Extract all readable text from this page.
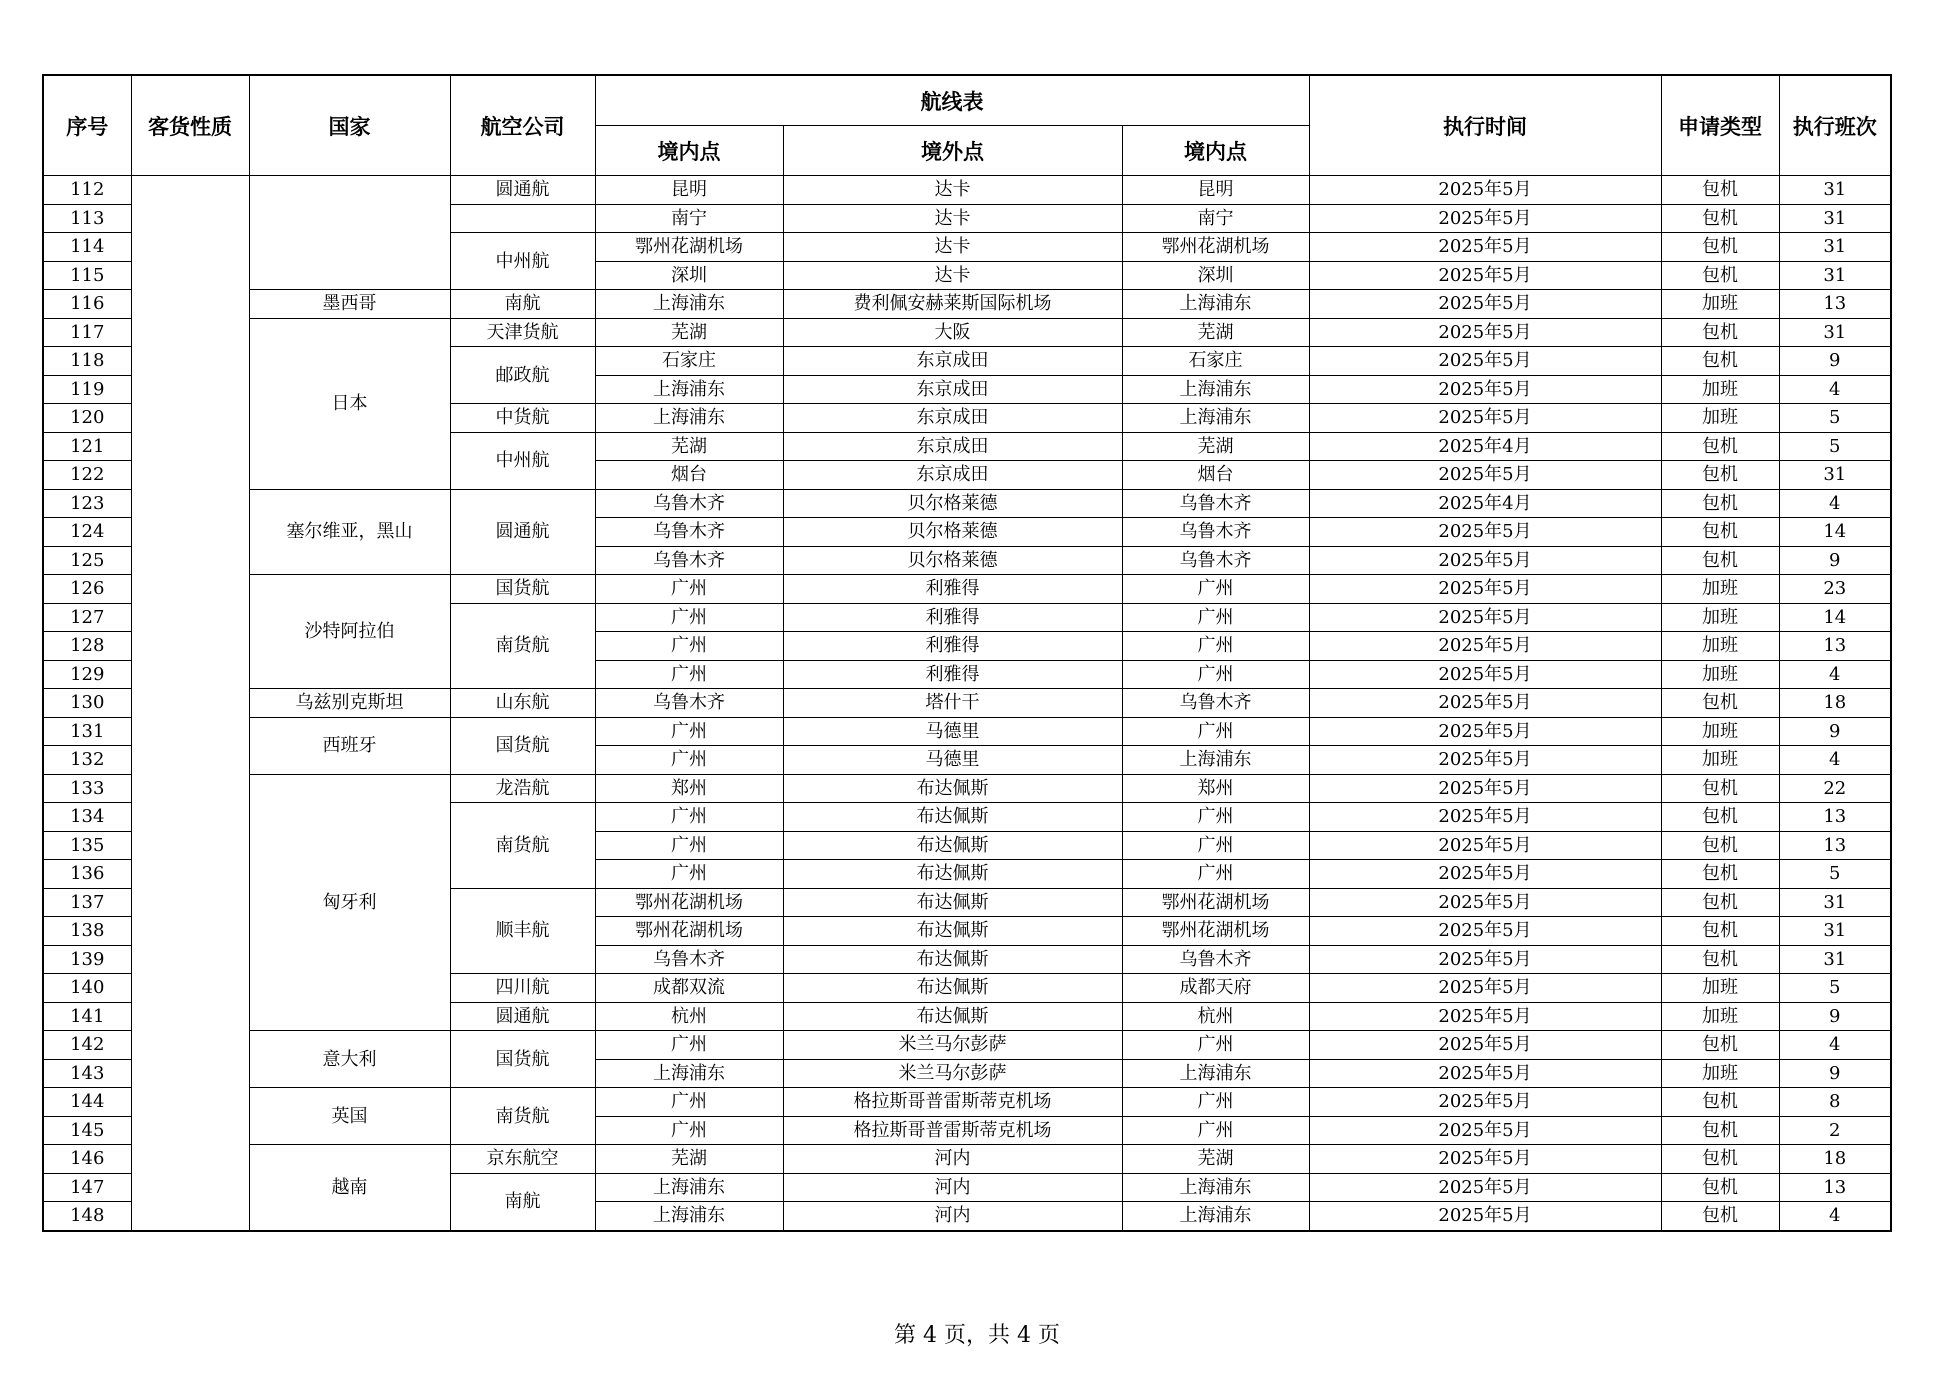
序号	客货性质	国家	航空公司	航线表			执行时间	申请类型	执行班次
				境内点	境外点	境内点			
112			圆通航	昆明	达卡	昆明	2025年5月	包机	31
113				南宁	达卡	南宁	2025年5月	包机	31
114			中州航	鄂州花湖机场	达卡	鄂州花湖机场	2025年5月	包机	31
115				深圳	达卡	深圳	2025年5月	包机	31
116		墨西哥	南航	上海浦东	费利佩安赫莱斯国际机场	上海浦东	2025年5月	加班	13
117		日本	天津货航	芜湖	大阪	芜湖	2025年5月	包机	31
118			邮政航	石家庄	东京成田	石家庄	2025年5月	包机	9
119				上海浦东	东京成田	上海浦东	2025年5月	加班	4
120			中货航	上海浦东	东京成田	上海浦东	2025年5月	加班	5
121			中州航	芜湖	东京成田	芜湖	2025年4月	包机	5
122				烟台	东京成田	烟台	2025年5月	包机	31
123		塞尔维亚，黑山	圆通航	乌鲁木齐	贝尔格莱德	乌鲁木齐	2025年4月	包机	4
124				乌鲁木齐	贝尔格莱德	乌鲁木齐	2025年5月	包机	14
125				乌鲁木齐	贝尔格莱德	乌鲁木齐	2025年5月	包机	9
126		沙特阿拉伯	国货航	广州	利雅得	广州	2025年5月	加班	23
127			南货航	广州	利雅得	广州	2025年5月	加班	14
128				广州	利雅得	广州	2025年5月	加班	13
129				广州	利雅得	广州	2025年5月	加班	4
130		乌兹别克斯坦	山东航	乌鲁木齐	塔什干	乌鲁木齐	2025年5月	包机	18
131		西班牙	国货航	广州	马德里	广州	2025年5月	加班	9
132				广州	马德里	上海浦东	2025年5月	加班	4
133		匈牙利	龙浩航	郑州	布达佩斯	郑州	2025年5月	包机	22
134			南货航	广州	布达佩斯	广州	2025年5月	包机	13
135				广州	布达佩斯	广州	2025年5月	包机	13
136				广州	布达佩斯	广州	2025年5月	包机	5
137			顺丰航	鄂州花湖机场	布达佩斯	鄂州花湖机场	2025年5月	包机	31
138				鄂州花湖机场	布达佩斯	鄂州花湖机场	2025年5月	包机	31
139				乌鲁木齐	布达佩斯	乌鲁木齐	2025年5月	包机	31
140			四川航	成都双流	布达佩斯	成都天府	2025年5月	加班	5
141			圆通航	杭州	布达佩斯	杭州	2025年5月	加班	9
142		意大利	国货航	广州	米兰马尔彭萨	广州	2025年5月	包机	4
143				上海浦东	米兰马尔彭萨	上海浦东	2025年5月	加班	9
144		英国	南货航	广州	格拉斯哥普雷斯蒂克机场	广州	2025年5月	包机	8
145				广州	格拉斯哥普雷斯蒂克机场	广州	2025年5月	包机	2
146		越南	京东航空	芜湖	河内	芜湖	2025年5月	包机	18
147			南航	上海浦东	河内	上海浦东	2025年5月	包机	13
148				上海浦东	河内	上海浦东	2025年5月	包机	4
第 4 页，共 4 页
